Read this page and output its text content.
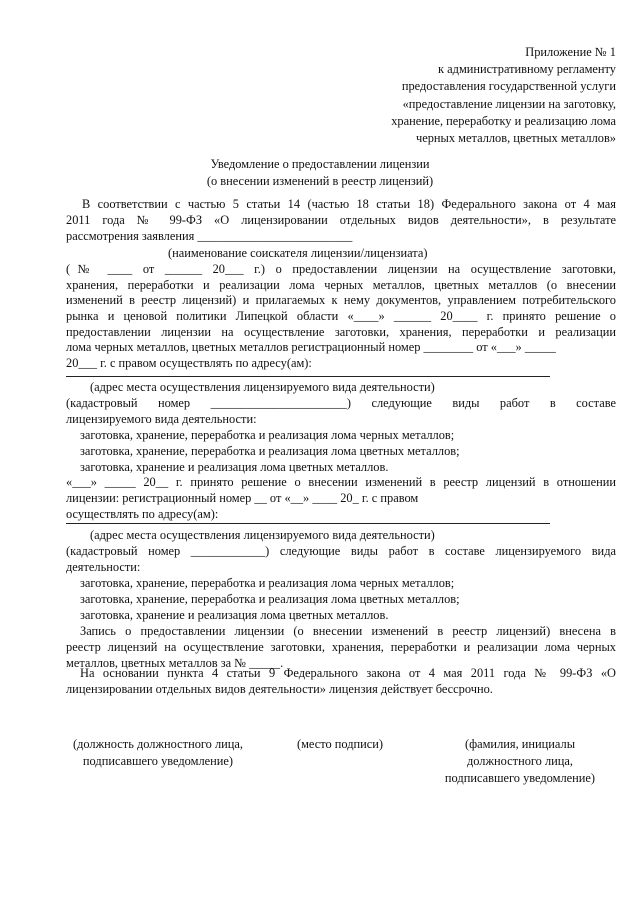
Приложение № 1
к административному регламенту
предоставления государственной услуги
«предоставление лицензии на заготовку,
хранение, переработку и реализацию лома
черных металлов, цветных металлов»
Уведомление о предоставлении лицензии
(о внесении изменений в реестр лицензий)
В соответствии с частью 5 статьи 14 (частью 18 статьи 18) Федерального закона от 4 мая
2011 года № 99-ФЗ «О лицензировании отдельных видов деятельности», в результате
рассмотрения заявления _________________________
(наименование соискателя лицензии/лицензиата)
(№ ____ от ______ 20___ г.) о предоставлении лицензии на осуществление заготовки,
хранения, переработки и реализации лома черных металлов, цветных металлов (о внесении
изменений в реестр лицензий) и прилагаемых к нему документов, управлением потребительского
рынка и ценовой политики Липецкой области «____» ______ 20____ г. принято решение о
предоставлении лицензии на осуществление заготовки, хранения, переработки и реализации
лома черных металлов, цветных металлов регистрационный номер ________ от «___» _____
20___ г. с правом осуществлять по адресу(ам):
(адрес места осуществления лицензируемого вида деятельности)
(кадастровый номер ______________________) следующие виды работ в составе
лицензируемого вида деятельности:
заготовка, хранение, переработка и реализация лома черных металлов;
заготовка, хранение, переработка и реализация лома цветных металлов;
заготовка, хранение и реализация лома цветных металлов.
«___» _____ 20__ г. принято решение о внесении изменений в реестр лицензий в отношении
лицензии: регистрационный номер __ от «__» ____ 20_ г. с правом
осуществлять по адресу(ам):
(адрес места осуществления лицензируемого вида деятельности)
(кадастровый номер ____________) следующие виды работ в составе лицензируемого вида
деятельности:
заготовка, хранение, переработка и реализация лома черных металлов;
заготовка, хранение, переработка и реализация лома цветных металлов;
заготовка, хранение и реализация лома цветных металлов.
Запись о предоставлении лицензии (о внесении изменений в реестр лицензий) внесена в
реестр лицензий на осуществление заготовки, хранения, переработки и реализации лома черных
металлов, цветных металлов за № _____.
На основании пункта 4 статьи 9 Федерального закона от 4 мая 2011 года № 99-ФЗ «О
лицензировании отдельных видов деятельности» лицензия действует бессрочно.
(должность должностного лица,
подписавшего уведомление)
(место подписи)	(фамилия, инициалы
должностного лица,
подписавшего уведомление)
